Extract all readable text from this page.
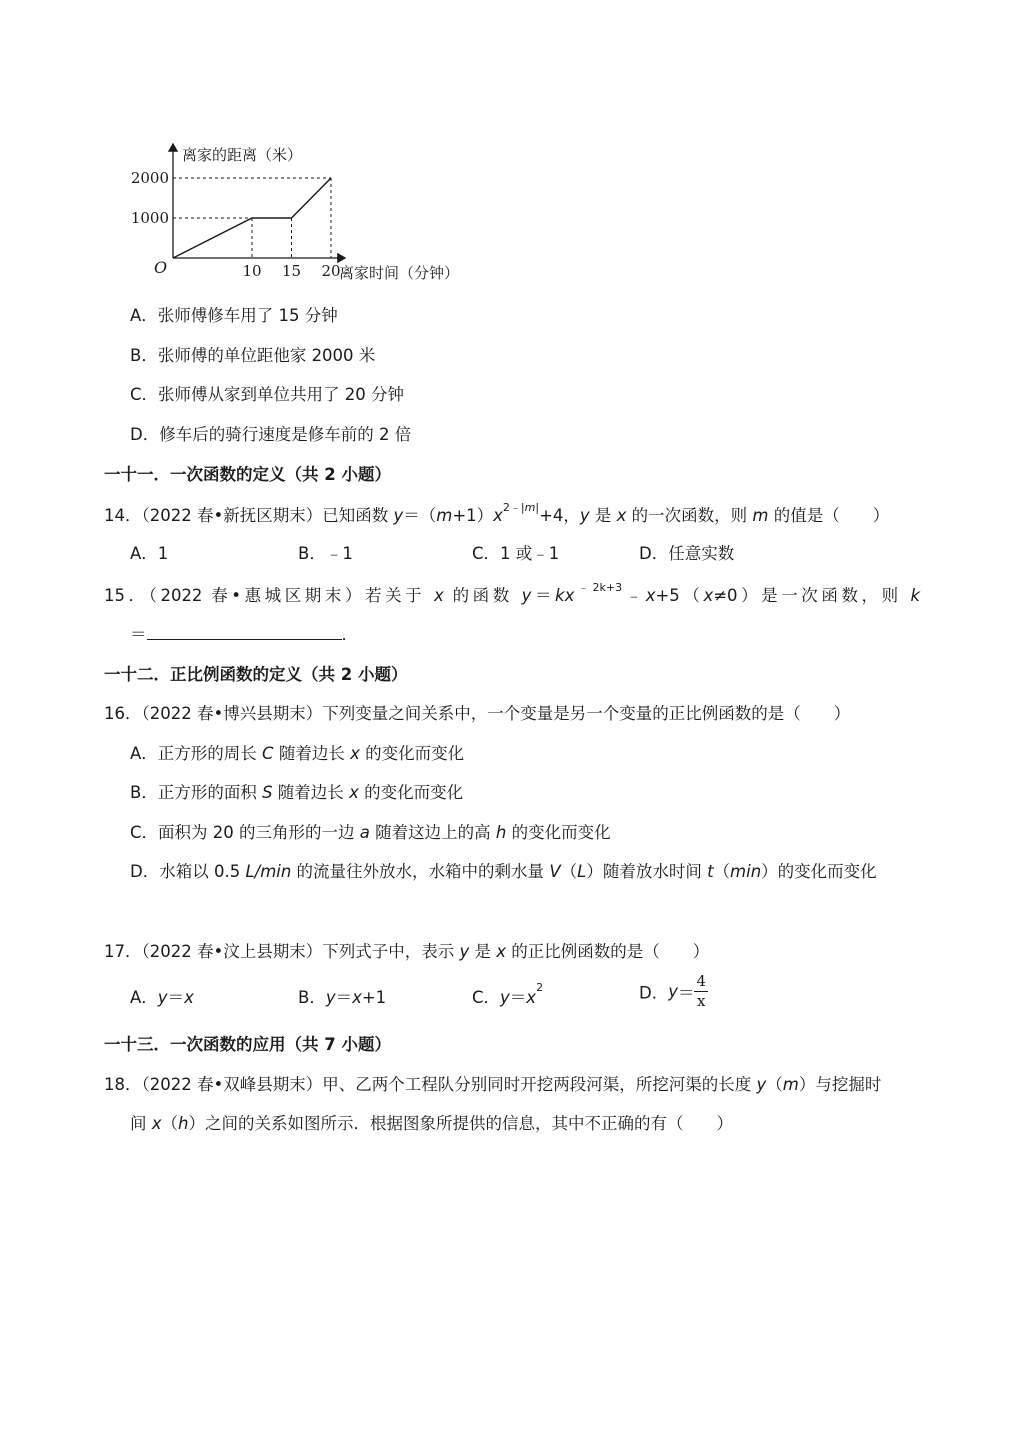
离家的距离（米）
离家时间（分钟）
O	10 15 20
1000
2000
A．张师傅修车用了 15 分钟
B．张师傅的单位距他家 2000 米
C．张师傅从家到单位共用了 20 分钟
D．修车后的骑行速度是修车前的 2 倍
一十一．一次函数的定义（共 2 小题）
14．（2022 春•新抚区期末）已知函数 $y=(m+1)x^{2﹣|m|}+4$，y 是 x 的一次函数，则 m 的值是（　　）
A．1	B．﹣1	C．1 或﹣1	D．任意实数
15．（2022 春•惠城区期末）若关于 x 的函数 $y=kx^{﹣2k+3}﹣x+5(x\ne 0)$是一次函数，则 k
＝	．
一十二．正比例函数的定义（共 2 小题）
16．（2022 春•博兴县期末）下列变量之间关系中，一个变量是另一个变量的正比例函数的是（　　）
A．正方形的周长 C 随着边长 x 的变化而变化
B．正方形的面积 S 随着边长 x 的变化而变化
C．面积为 20 的三角形的一边 a 随着这边上的高 h 的变化而变化
D．水箱以 0.5 L/min 的流量往外放水，水箱中的剩水量 V（L）随着放水时间 t（min）的变化而变化
17．（2022 春•汶上县期末）下列式子中，表示 y 是 x 的正比例函数的是（　　）
A．y＝x	B．y＝x+1	C．$y=x^2$	D．$y= \frac{4}{x}$
一十三．一次函数的应用（共 7 小题）
18．（2022 春•双峰县期末）甲、乙两个工程队分别同时开挖两段河渠，所挖河渠的长度 y（m）与挖掘时
间 x（h）之间的关系如图所示．根据图象所提供的信息，其中不正确的有（　　）
